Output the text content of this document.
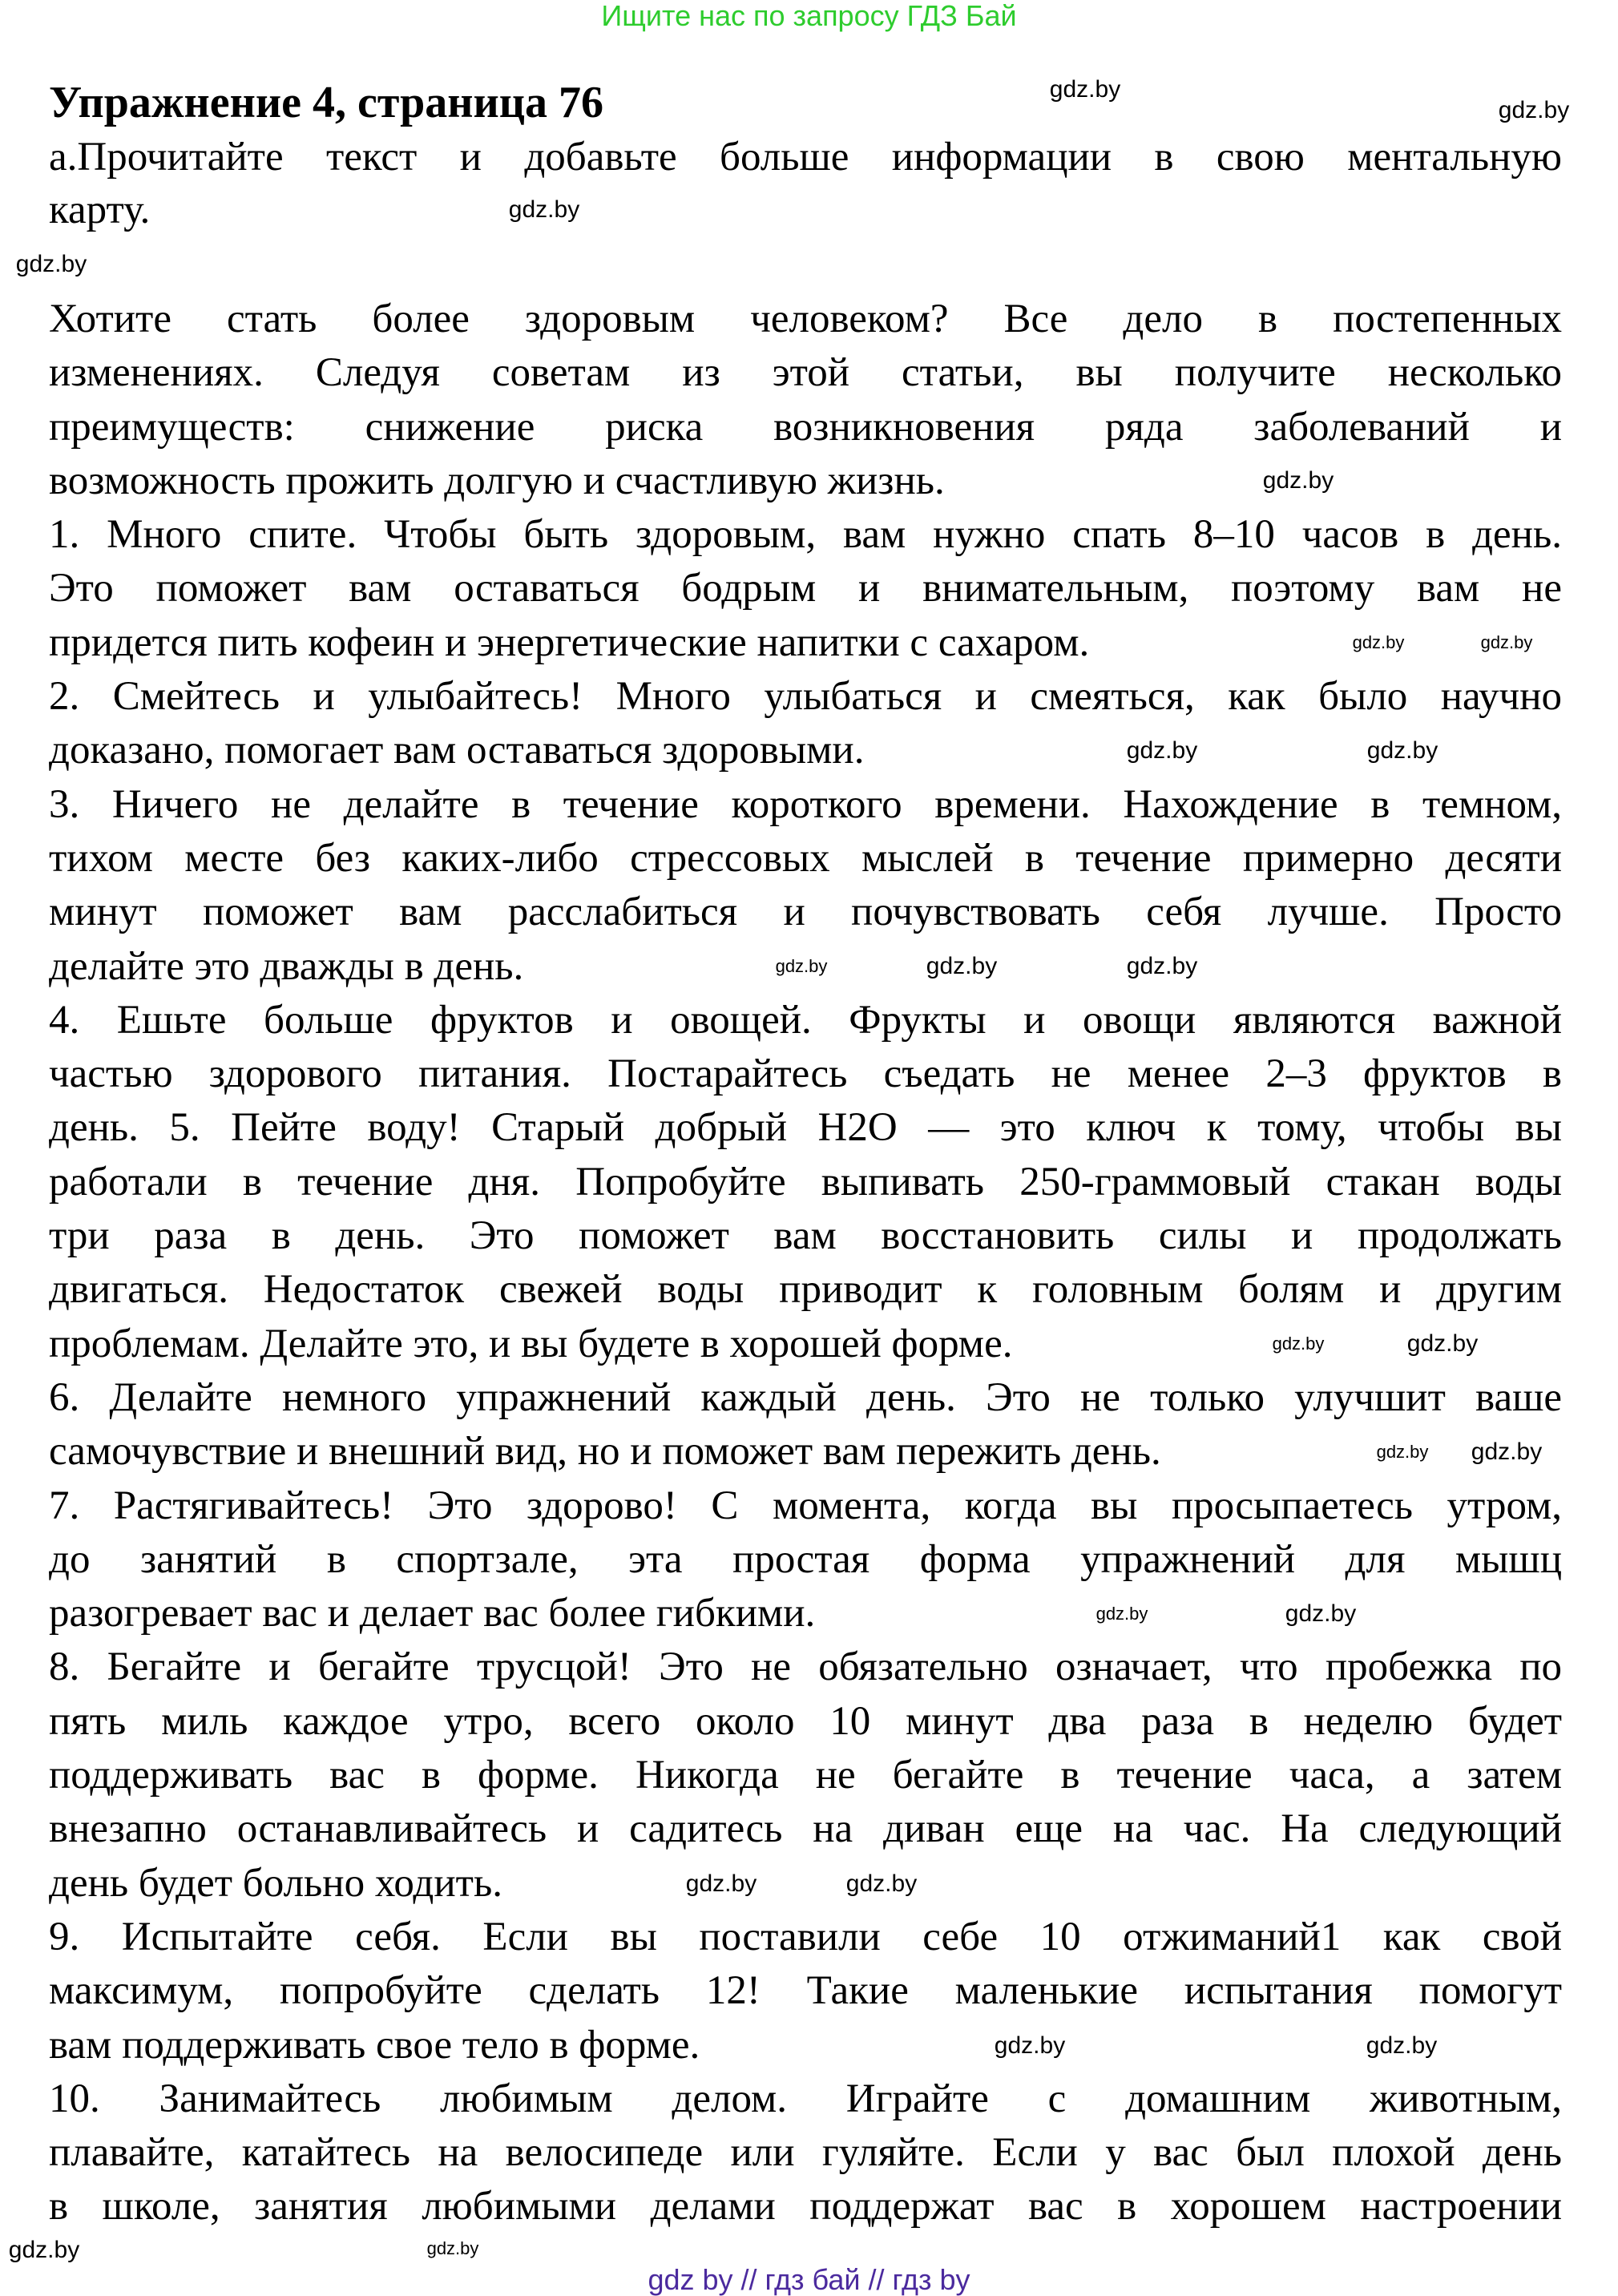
Ищите нас по запросу ГДЗ Бай
Упражнение 4, страница 76
а.Прочитайте текст и добавьте больше информации в свою ментальную
карту.
Хотите стать более здоровым человеком? Все дело в постепенных
изменениях. Следуя советам из этой статьи, вы получите несколько
преимуществ: снижение риска возникновения ряда заболеваний и
возможность прожить долгую и счастливую жизнь.
1. Много спите. Чтобы быть здоровым, вам нужно спать 8–10 часов в день.
Это поможет вам оставаться бодрым и внимательным, поэтому вам не
придется пить кофеин и энергетические напитки с сахаром.
2. Смейтесь и улыбайтесь! Много улыбаться и смеяться, как было научно
доказано, помогает вам оставаться здоровыми.
3. Ничего не делайте в течение короткого времени. Нахождение в темном,
тихом месте без каких-либо стрессовых мыслей в течение примерно десяти
минут поможет вам расслабиться и почувствовать себя лучше. Просто
делайте это дважды в день.
4. Ешьте больше фруктов и овощей. Фрукты и овощи являются важной
частью здорового питания. Постарайтесь съедать не менее 2–3 фруктов в
день. 5. Пейте воду! Старый добрый H2O — это ключ к тому, чтобы вы
работали в течение дня. Попробуйте выпивать 250-граммовый стакан воды
три раза в день. Это поможет вам восстановить силы и продолжать
двигаться. Недостаток свежей воды приводит к головным болям и другим
проблемам. Делайте это, и вы будете в хорошей форме.
6. Делайте немного упражнений каждый день. Это не только улучшит ваше
самочувствие и внешний вид, но и поможет вам пережить день.
7. Растягивайтесь! Это здорово! С момента, когда вы просыпаетесь утром,
до занятий в спортзале, эта простая форма упражнений для мышц
разогревает вас и делает вас более гибкими.
8. Бегайте и бегайте трусцой! Это не обязательно означает, что пробежка по
пять миль каждое утро, всего около 10 минут два раза в неделю будет
поддерживать вас в форме. Никогда не бегайте в течение часа, а затем
внезапно останавливайтесь и садитесь на диван еще на час. На следующий
день будет больно ходить.
9. Испытайте себя. Если вы поставили себе 10 отжиманий1 как свой
максимум, попробуйте сделать 12! Такие маленькие испытания помогут
вам поддерживать свое тело в форме.
10. Занимайтесь любимым делом. Играйте с домашним животным,
плавайте, катайтесь на велосипеде или гуляйте. Если у вас был плохой день
в школе, занятия любимыми делами поддержат вас в хорошем настроении
gdz.by
gdz.by
gdz.by
gdz.by
gdz.by
gdz.by	gdz.by
gdz.by	gdz.by
gdz.by	gdz.by	gdz.by
gdz.by	gdz.by
gdz.by
gdz.by
gdz.by
gdz.by
gdz.by	gdz.by
gdz.by	gdz.by
gdz.by
gdz.by
gdz by // гдз бай // гдз by
